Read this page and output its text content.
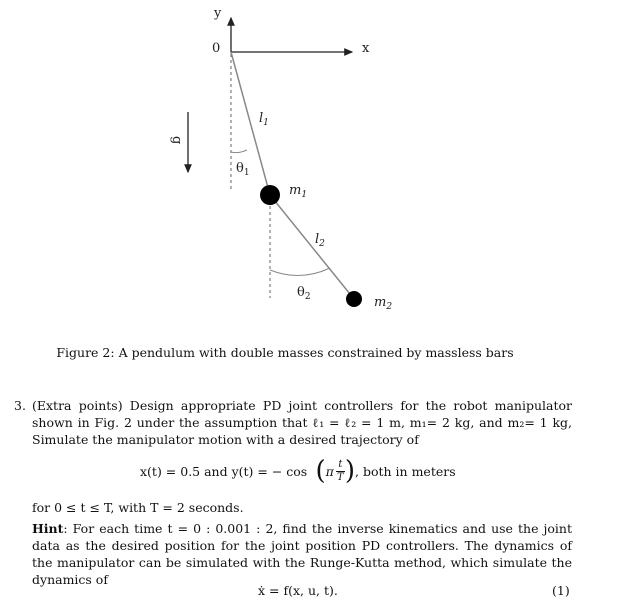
y
0	x
g
$l_1$
$\theta_1$
$m_1$
$l_2$
$\theta_2$	$m_2$
Figure 2: A pendulum with double masses constrained by massless bars
3. (Extra points) Design appropriate PD joint controllers for the robot manipulator shown in Fig. 2 under the assumption that ℓ₁ = ℓ₂ = 1 m, m₁= 2 kg, and m₂= 1 kg, Simulate the manipulator motion with a desired trajectory of

x(t) = 0.5 and y(t) = − cos ( π $\frac{t}{T}$ ) , both in meters
for 0 ≤ t ≤ T, with T = 2 seconds.
Hint: For each time t = 0 : 0.001 : 2, find the inverse kinematics and use the joint data as the desired position for the joint position PD controllers. The dynamics of the manipulator can be simulated with the Runge-Kutta method, which simulate the dynamics of
ẋ = f(x, u, t).	(1)
